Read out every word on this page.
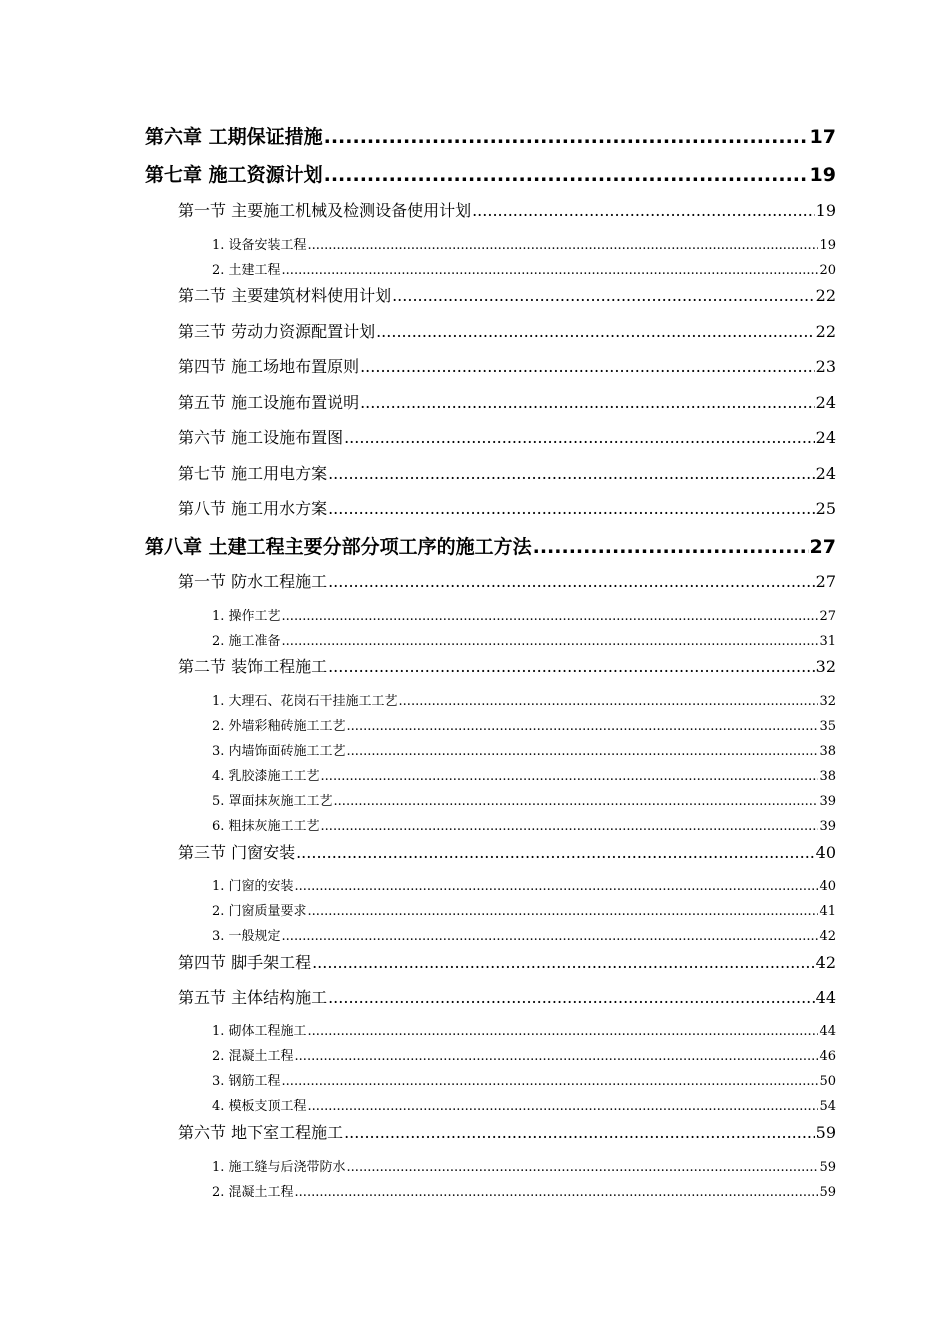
第六章 工期保证措施 .....	17
第七章 施工资源计划 .....	19
第一节 主要施工机械及检测设备使用计划 .....	19
1. 设备安装工程 .....	19
2. 土建工程 .....	20
第二节 主要建筑材料使用计划 .....	22
第三节 劳动力资源配置计划 .....	22
第四节 施工场地布置原则 .....	23
第五节 施工设施布置说明 .....	24
第六节 施工设施布置图 .....	24
第七节 施工用电方案 .....	24
第八节 施工用水方案 .....	25
第八章 土建工程主要分部分项工序的施工方法 .....	27
第一节 防水工程施工 .....	27
1. 操作工艺 .....	27
2. 施工准备 .....	31
第二节 装饰工程施工 .....	32
1. 大理石、花岗石干挂施工工艺 .....	32
2. 外墙彩釉砖施工工艺 .....	35
3. 内墙饰面砖施工工艺 .....	38
4. 乳胶漆施工工艺 .....	38
5. 罩面抹灰施工工艺 .....	39
6. 粗抹灰施工工艺 .....	39
第三节 门窗安装 .....	40
1. 门窗的安装 .....	40
2. 门窗质量要求 .....	41
3. 一般规定 .....	42
第四节 脚手架工程 .....	42
第五节 主体结构施工 .....	44
1. 砌体工程施工 .....	44
2. 混凝土工程 .....	46
3. 钢筋工程 .....	50
4. 模板支顶工程 .....	54
第六节 地下室工程施工 .....	59
1. 施工缝与后浇带防水 .....	59
2. 混凝土工程 .....	59
